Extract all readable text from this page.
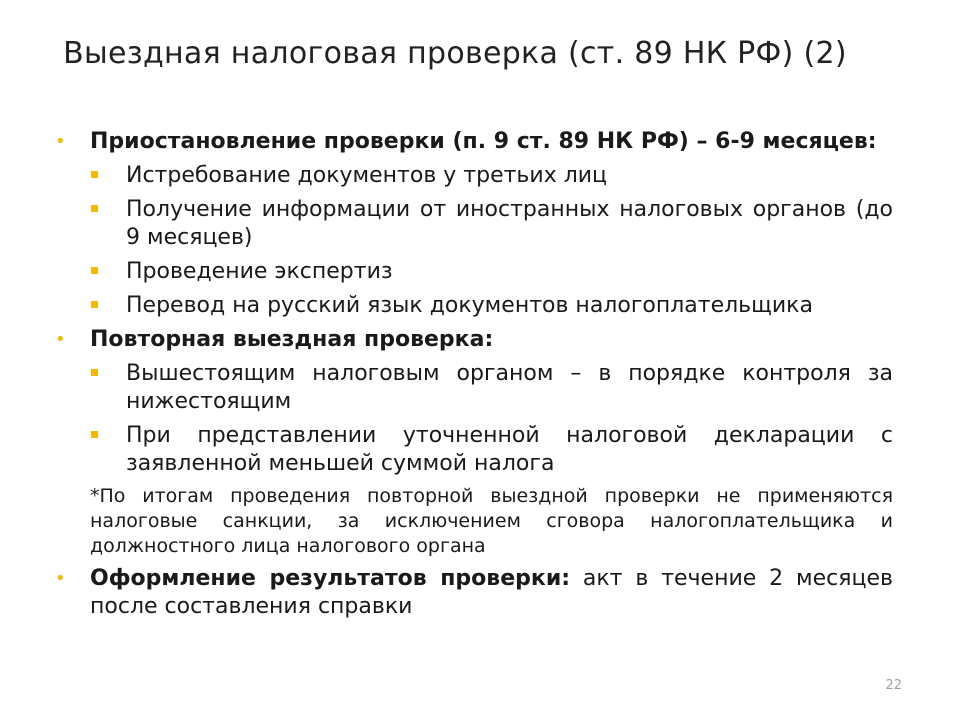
Выездная налоговая проверка (ст. 89 НК РФ) (2)
• Приостановление проверки (п. 9 ст. 89 НК РФ) – 6-9 месяцев:
Истребование документов у третьих лиц
Получение информации от иностранных налоговых органов (до 9 месяцев)
Проведение экспертиз
Перевод на русский язык документов налогоплательщика
• Повторная выездная проверка:
Вышестоящим налоговым органом – в порядке контроля за нижестоящим
При представлении уточненной налоговой декларации с заявленной меньшей суммой налога
*По итогам проведения повторной выездной проверки не применяются налоговые санкции, за исключением сговора налогоплательщика и должностного лица налогового органа
• Оформление результатов проверки: акт в течение 2 месяцев после составления справки
22
